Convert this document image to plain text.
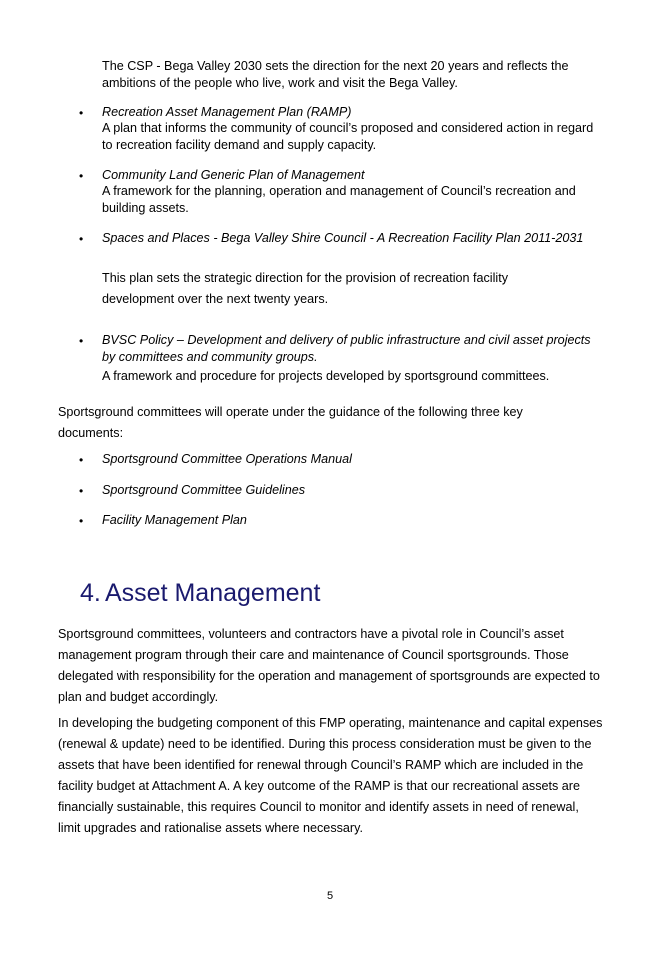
The CSP - Bega Valley 2030 sets the direction for the next 20 years and reflects the ambitions of the people who live, work and visit the Bega Valley.

• Recreation Asset Management Plan (RAMP)

A plan that informs the community of council’s proposed and considered action in regard to recreation facility demand and supply capacity.

• Community Land Generic Plan of Management

A framework for the planning, operation and management of Council’s recreation and building assets.

• Spaces and Places - Bega Valley Shire Council - A Recreation Facility Plan 2011-2031

This plan sets the strategic direction for the provision of recreation facility development over the next twenty years.

• BVSC Policy – Development and delivery of public infrastructure and civil asset projects by committees and community groups.

A framework and procedure for projects developed by sportsground committees.

Sportsground committees will operate under the guidance of the following three key documents:

• Sportsground Committee Operations Manual

• Sportsground Committee Guidelines

• Facility Management Plan

4. Asset Management

Sportsground committees, volunteers and contractors have a pivotal role in Council’s asset management program through their care and maintenance of Council sportsgrounds. Those delegated with responsibility for the operation and management of sportsgrounds are expected to plan and budget accordingly.

In developing the budgeting component of this FMP operating, maintenance and capital expenses (renewal & update) need to be identified. During this process consideration must be given to the assets that have been identified for renewal through Council’s RAMP which are included in the facility budget at Attachment A. A key outcome of the RAMP is that our recreational assets are financially sustainable, this requires Council to monitor and identify assets in need of renewal, limit upgrades and rationalise assets where necessary.

5
